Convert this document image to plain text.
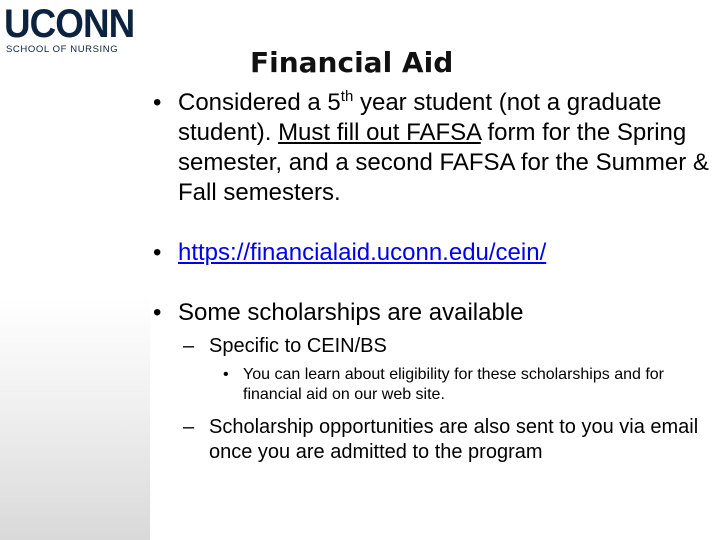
UCONN
SCHOOL OF NURSING	Financial Aid
• Considered a 5th year student (not a graduate student). Must fill out FAFSA form for the Spring semester, and a second FAFSA for the Summer & Fall semesters.
• https://financialaid.uconn.edu/cein/
• Some scholarships are available
– Specific to CEIN/BS
• You can learn about eligibility for these scholarships and for financial aid on our web site.
– Scholarship opportunities are also sent to you via email once you are admitted to the program
